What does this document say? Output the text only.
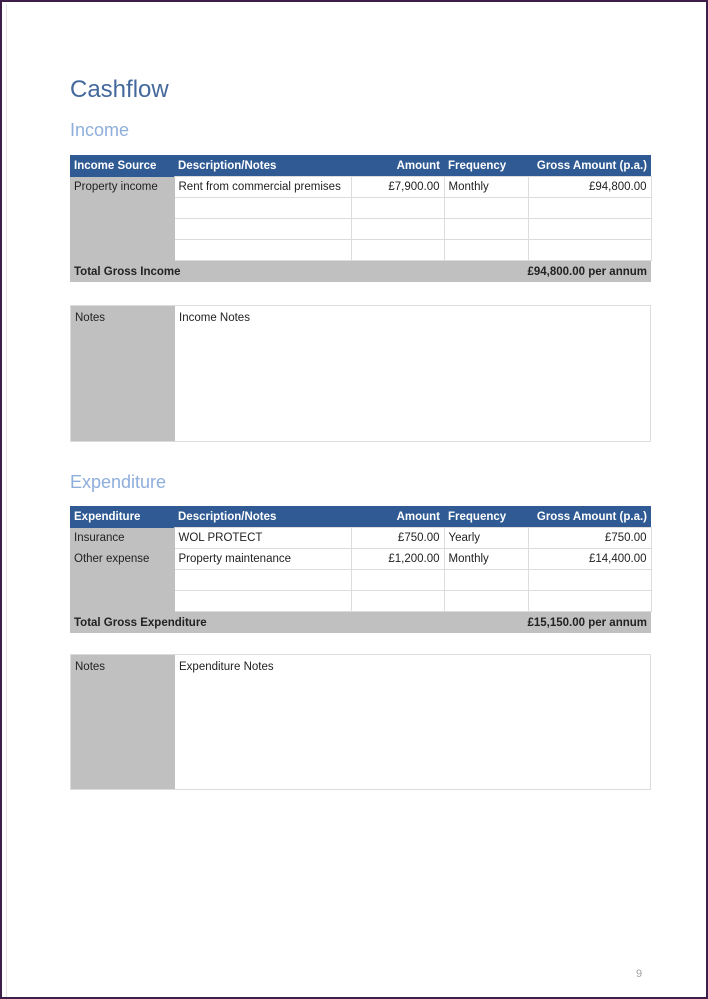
Cashflow
Income
Income Source	Description/Notes	Amount	Frequency	Gross Amount (p.a.)
Property income	Rent from commercial premises	£7,900.00	Monthly	£94,800.00

Total Gross Income		£94,800.00 per annum		
Notes	Income Notes
Expenditure
Expenditure	Description/Notes	Amount	Frequency	Gross Amount (p.a.)
Insurance	WOL PROTECT	£750.00	Yearly	£750.00
Other expense	Property maintenance	£1,200.00	Monthly	£14,400.00

Total Gross Expenditure		£15,150.00 per annum		
Notes	Expenditure Notes
9
